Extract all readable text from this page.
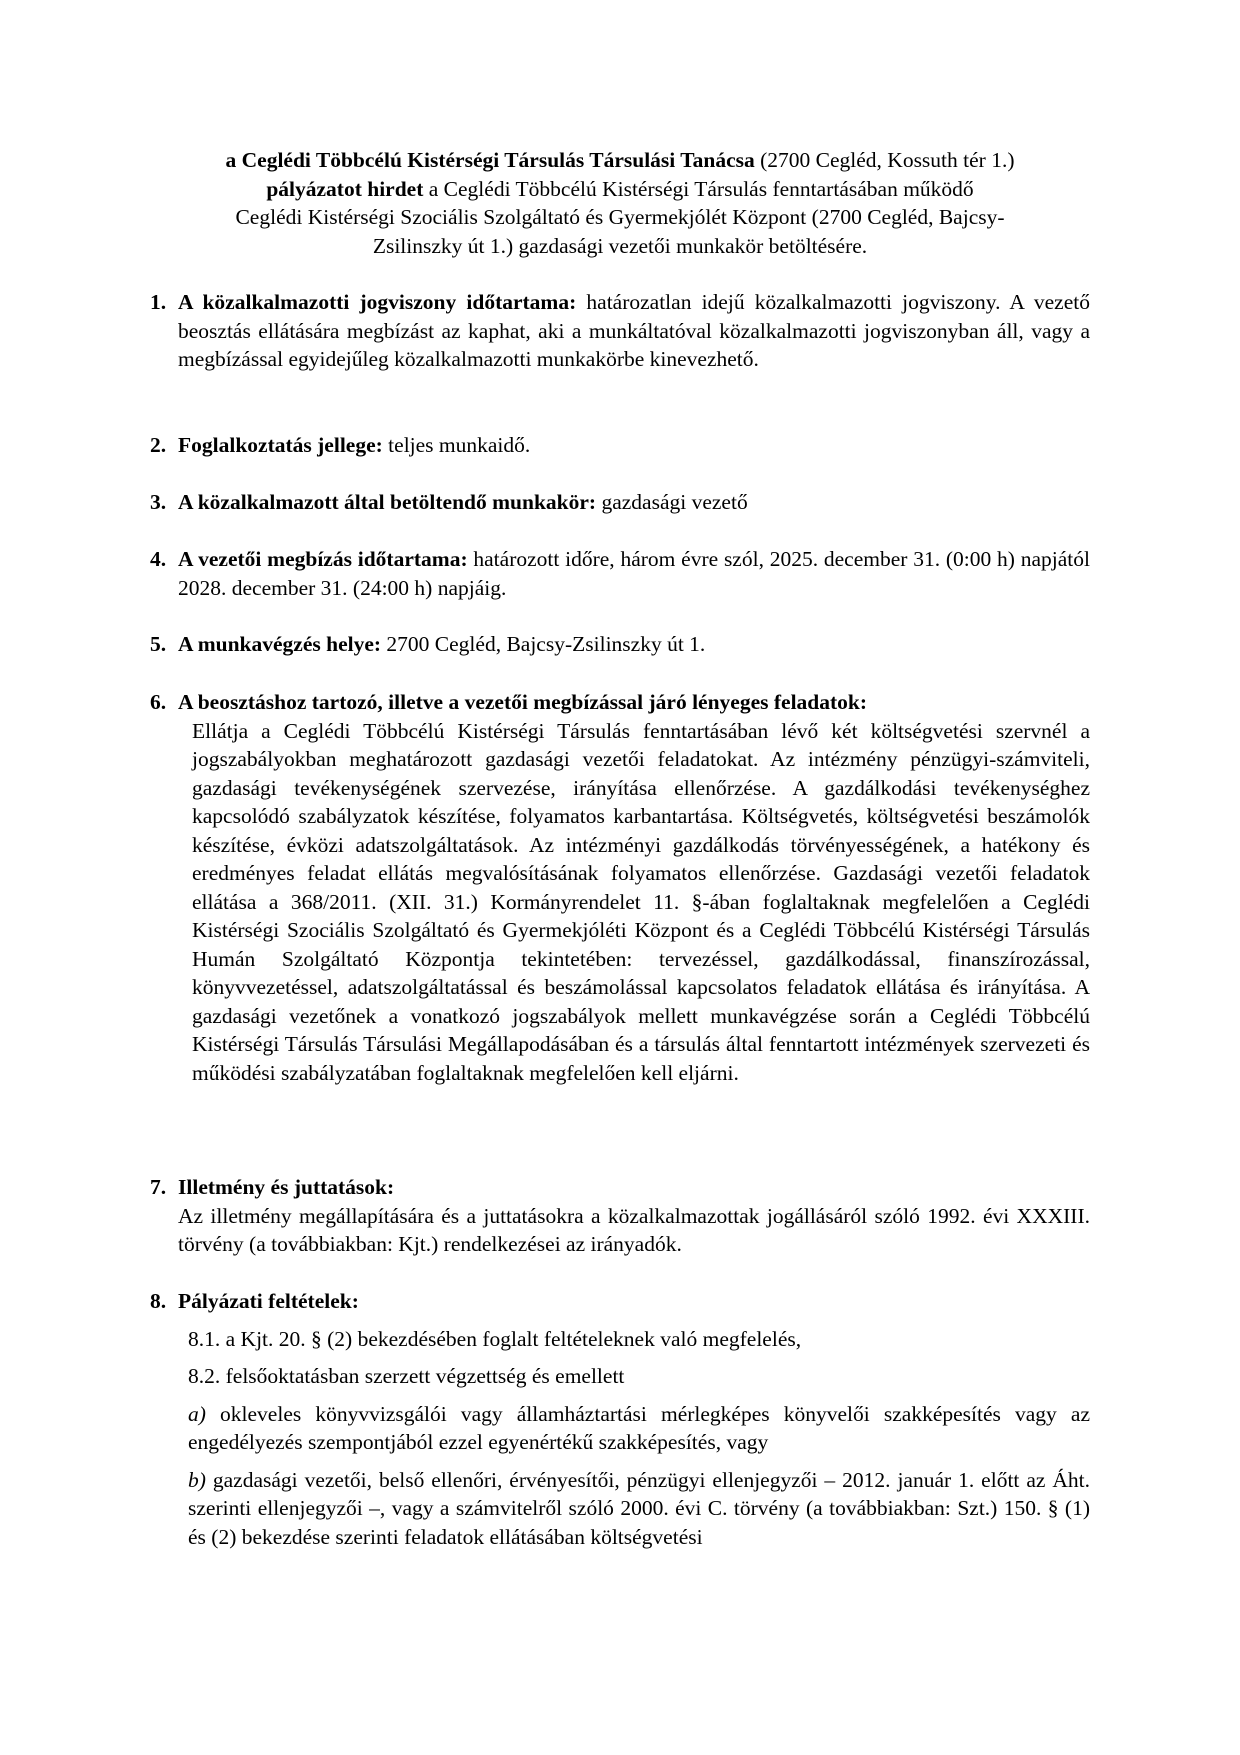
a Ceglédi Többcélú Kistérségi Társulás Társulási Tanácsa (2700 Cegléd, Kossuth tér 1.)

pályázatot hirdet a Ceglédi Többcélú Kistérségi Társulás fenntartásában működő

Ceglédi Kistérségi Szociális Szolgáltató és Gyermekjólét Központ (2700 Cegléd, Bajcsy-

Zsilinszky út 1.) gazdasági vezetői munkakör betöltésére.

1. A közalkalmazotti jogviszony időtartama: határozatlan idejű közalkalmazotti jogviszony. A vezető beosztás ellátására megbízást az kaphat, aki a munkáltatóval közalkalmazotti jogviszonyban áll, vagy a megbízással egyidejűleg közalkalmazotti munkakörbe kinevezhető.

2. Foglalkoztatás jellege: teljes munkaidő.

3. A közalkalmazott által betöltendő munkakör: gazdasági vezető

4. A vezetői megbízás időtartama: határozott időre, három évre szól, 2025. december 31. (0:00 h) napjától 2028. december 31. (24:00 h) napjáig.

5. A munkavégzés helye: 2700 Cegléd, Bajcsy-Zsilinszky út 1.

6. A beosztáshoz tartozó, illetve a vezetői megbízással járó lényeges feladatok:

Ellátja a Ceglédi Többcélú Kistérségi Társulás fenntartásában lévő két költségvetési szervnél a jogszabályokban meghatározott gazdasági vezetői feladatokat. Az intézmény pénzügyi-számviteli, gazdasági tevékenységének szervezése, irányítása ellenőrzése. A gazdálkodási tevékenységhez kapcsolódó szabályzatok készítése, folyamatos karbantartása. Költségvetés, költségvetési beszámolók készítése, évközi adatszolgáltatások. Az intézményi gazdálkodás törvényességének, a hatékony és eredményes feladat ellátás megvalósításának folyamatos ellenőrzése. Gazdasági vezetői feladatok ellátása a 368/2011. (XII. 31.) Kormányrendelet 11. §-ában foglaltaknak megfelelően a Ceglédi Kistérségi Szociális Szolgáltató és Gyermekjóléti Központ és a Ceglédi Többcélú Kistérségi Társulás Humán Szolgáltató Központja tekintetében: tervezéssel, gazdálkodással, finanszírozással, könyvvezetéssel, adatszolgáltatással és beszámolással kapcsolatos feladatok ellátása és irányítása. A gazdasági vezetőnek a vonatkozó jogszabályok mellett munkavégzése során a Ceglédi Többcélú Kistérségi Társulás Társulási Megállapodásában és a társulás által fenntartott intézmények szervezeti és működési szabályzatában foglaltaknak megfelelően kell eljárni.

7. Illetmény és juttatások:

Az illetmény megállapítására és a juttatásokra a közalkalmazottak jogállásáról szóló 1992. évi XXXIII. törvény (a továbbiakban: Kjt.) rendelkezései az irányadók.

8. Pályázati feltételek:

8.1. a Kjt. 20. § (2) bekezdésében foglalt feltételeknek való megfelelés,

8.2. felsőoktatásban szerzett végzettség és emellett

a) okleveles könyvvizsgálói vagy államháztartási mérlegképes könyvelői szakképesítés vagy az engedélyezés szempontjából ezzel egyenértékű szakképesítés, vagy

b) gazdasági vezetői, belső ellenőri, érvényesítői, pénzügyi ellenjegyzői – 2012. január 1. előtt az Áht. szerinti ellenjegyzői –, vagy a számvitelről szóló 2000. évi C. törvény (a továbbiakban: Szt.) 150. § (1) és (2) bekezdése szerinti feladatok ellátásában költségvetési
